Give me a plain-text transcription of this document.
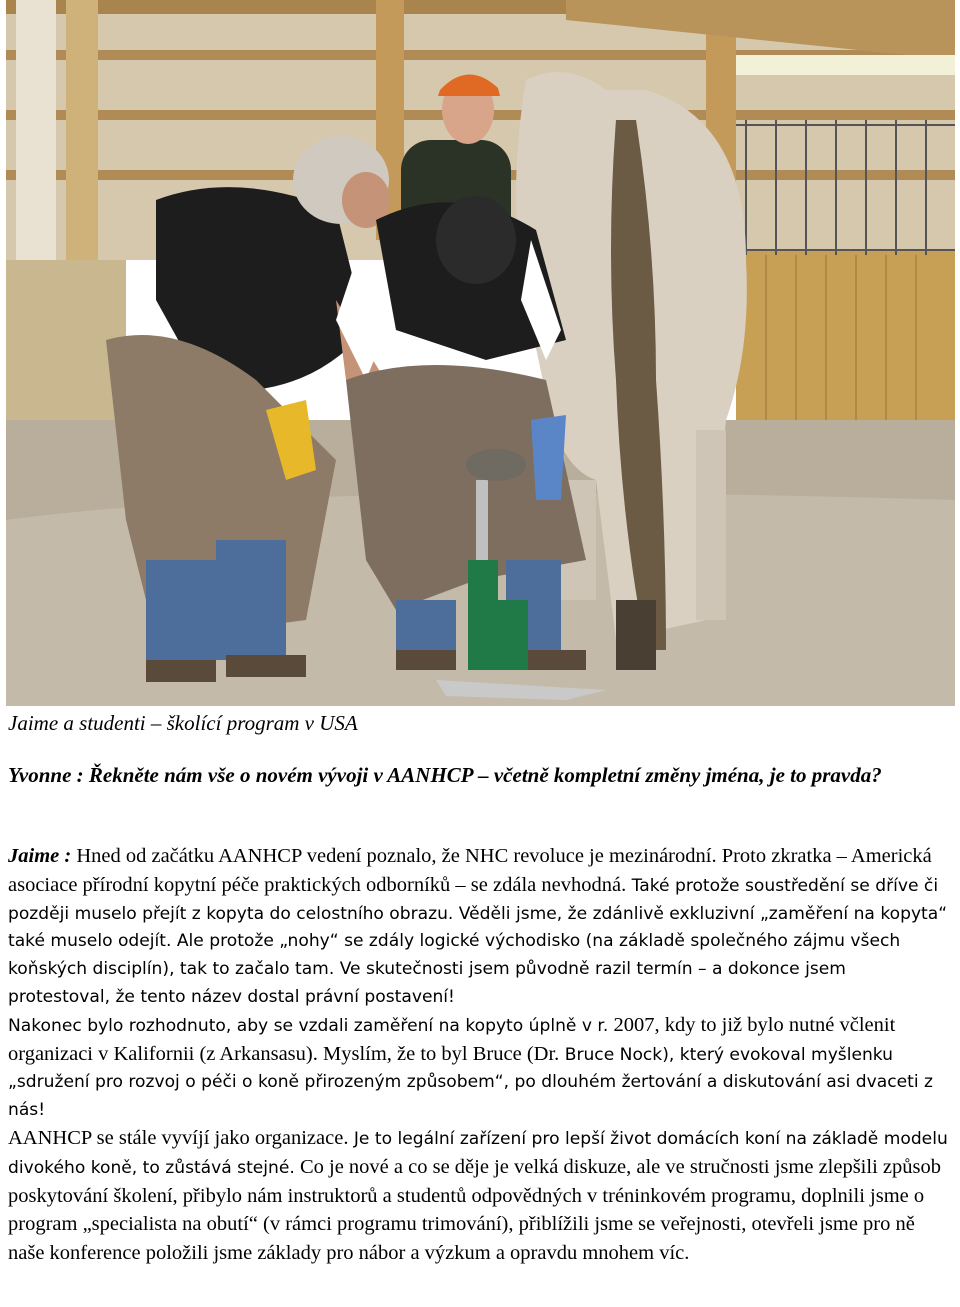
Jaime a studenti – školící program v USA
Yvonne : Řekněte nám vše o novém vývoji v AANHCP – včetně kompletní změny jména, je to pravda?

Jaime : Hned od začátku AANHCP vedení poznalo, že NHC revoluce je mezinárodní. Proto zkratka – Americká asociace přírodní kopytní péče praktických odborníků – se zdála nevhodná. Také protože soustředění se dříve či později muselo přejít z kopyta do celostního obrazu. Věděli jsme, že zdánlivě exkluzivní „zaměření na kopyta“ také muselo odejít. Ale protože „nohy“ se zdály logické východisko (na základě společného zájmu všech koňských disciplín), tak to začalo tam. Ve skutečnosti jsem původně razil termín – a dokonce jsem protestoval, že tento název dostal právní postavení!

Nakonec bylo rozhodnuto, aby se vzdali zaměření na kopyto úplně v r. 2007, kdy to již bylo nutné včlenit organizaci v Kalifornii (z Arkansasu). Myslím, že to byl Bruce (Dr. Bruce Nock), který evokoval myšlenku „sdružení pro rozvoj o péči o koně přirozeným způsobem“, po dlouhém žertování a diskutování asi dvaceti z nás!

AANHCP se stále vyvíjí jako organizace. Je to legální zařízení pro lepší život domácích koní na základě modelu divokého koně, to zůstává stejné. Co je nové a co se děje je velká diskuze, ale ve stručnosti jsme zlepšili způsob poskytování školení, přibylo nám instruktorů a studentů odpovědných v tréninkovém programu, doplnili jsme o program „specialista na obutí“ (v rámci programu trimování), přiblížili jsme se veřejnosti, otevřeli jsme pro ně naše konference položili jsme základy pro nábor a výzkum a opravdu mnohem víc.
